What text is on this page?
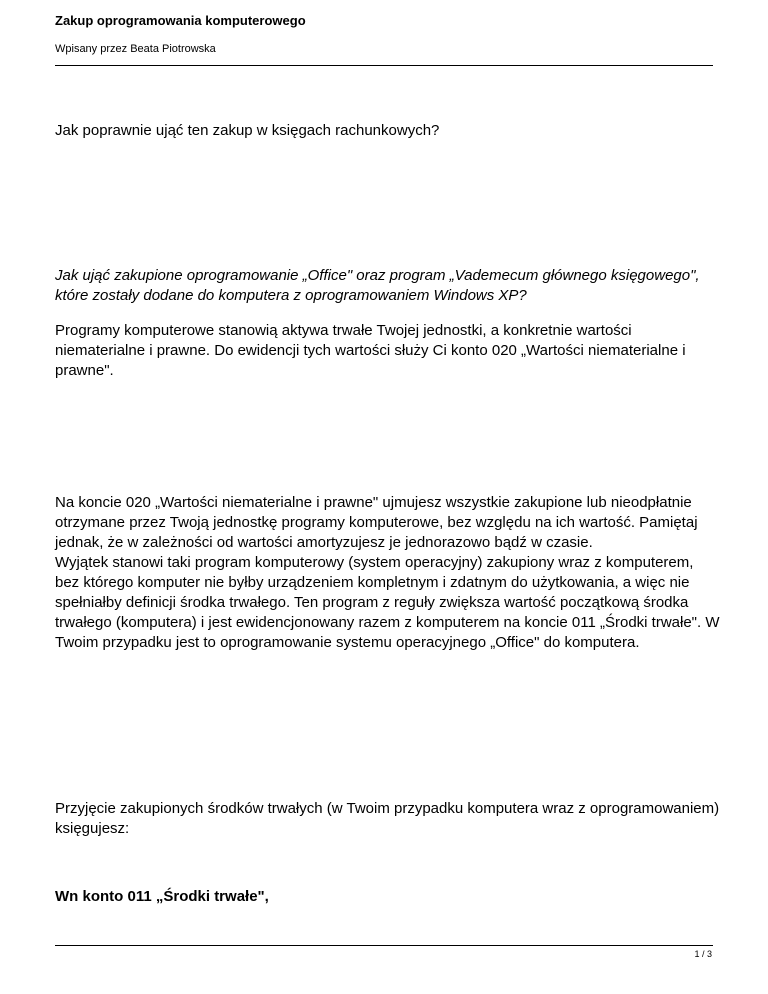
Zakup oprogramowania komputerowego
Wpisany przez Beata Piotrowska

Jak poprawnie ująć ten zakup w księgach rachunkowych?

Jak ująć zakupione oprogramowanie „Office" oraz program „Vademecum głównego księgowego", które zostały dodane do komputera z oprogramowaniem Windows XP?

Programy komputerowe stanowią aktywa trwałe Twojej jednostki, a konkretnie wartości niematerialne i prawne. Do ewidencji tych wartości służy Ci konto 020 „Wartości niematerialne i prawne".

Na koncie 020 „Wartości niematerialne i prawne" ujmujesz wszystkie zakupione lub nieodpłatnie otrzymane przez Twoją jednostkę programy komputerowe, bez względu na ich wartość. Pamiętaj jednak, że w zależności od wartości amortyzujesz je jednorazowo bądź w czasie.

Wyjątek stanowi taki program komputerowy (system operacyjny) zakupiony wraz z komputerem, bez którego komputer nie byłby urządzeniem kompletnym i zdatnym do użytkowania, a więc nie spełniałby definicji środka trwałego. Ten program z reguły zwiększa wartość początkową środka trwałego (komputera) i jest ewidencjonowany razem z komputerem na koncie 011 „Środki trwałe". W Twoim przypadku jest to oprogramowanie systemu operacyjnego „Office" do komputera.

Przyjęcie zakupionych środków trwałych (w Twoim przypadku komputera wraz z oprogramowaniem) księgujesz:

Wn konto 011 „Środki trwałe",

1 / 3
